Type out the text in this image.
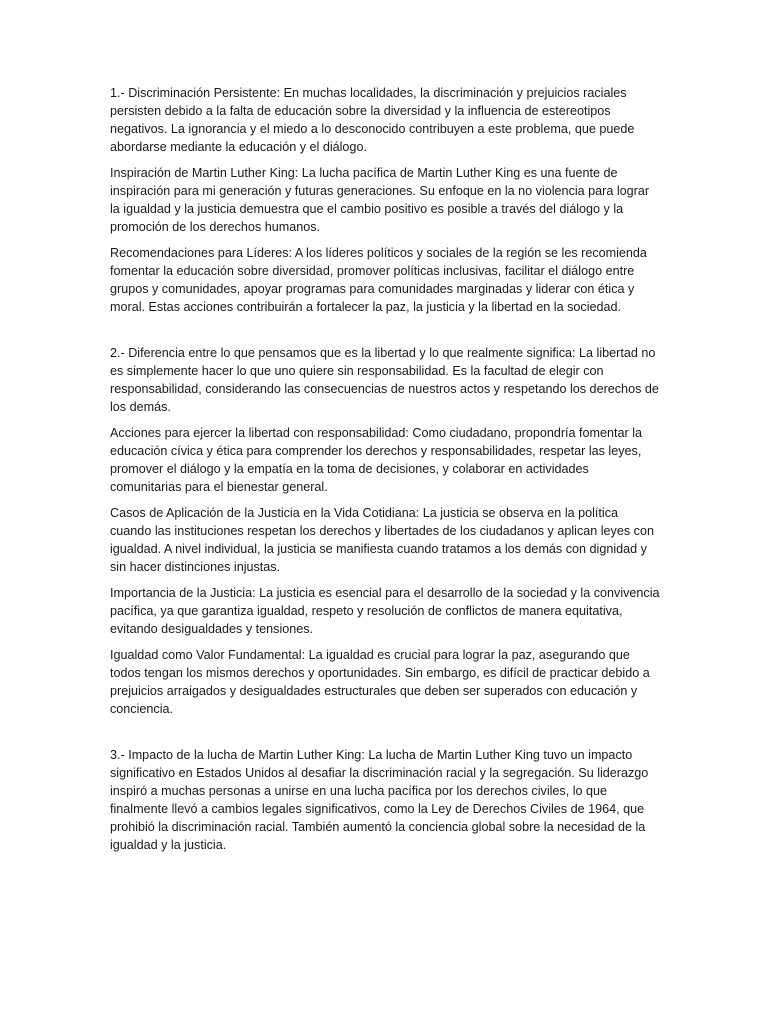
1.- Discriminación Persistente: En muchas localidades, la discriminación y prejuicios raciales persisten debido a la falta de educación sobre la diversidad y la influencia de estereotipos negativos. La ignorancia y el miedo a lo desconocido contribuyen a este problema, que puede abordarse mediante la educación y el diálogo.

Inspiración de Martin Luther King: La lucha pacífica de Martin Luther King es una fuente de inspiración para mi generación y futuras generaciones. Su enfoque en la no violencia para lograr la igualdad y la justicia demuestra que el cambio positivo es posible a través del diálogo y la promoción de los derechos humanos.

Recomendaciones para Líderes: A los líderes políticos y sociales de la región se les recomienda fomentar la educación sobre diversidad, promover políticas inclusivas, facilitar el diálogo entre grupos y comunidades, apoyar programas para comunidades marginadas y liderar con ética y moral. Estas acciones contribuirán a fortalecer la paz, la justicia y la libertad en la sociedad.

2.- Diferencia entre lo que pensamos que es la libertad y lo que realmente significa: La libertad no es simplemente hacer lo que uno quiere sin responsabilidad. Es la facultad de elegir con responsabilidad, considerando las consecuencias de nuestros actos y respetando los derechos de los demás.

Acciones para ejercer la libertad con responsabilidad: Como ciudadano, propondría fomentar la educación cívica y ética para comprender los derechos y responsabilidades, respetar las leyes, promover el diálogo y la empatía en la toma de decisiones, y colaborar en actividades comunitarias para el bienestar general.

Casos de Aplicación de la Justicia en la Vida Cotidiana: La justicia se observa en la política cuando las instituciones respetan los derechos y libertades de los ciudadanos y aplican leyes con igualdad. A nivel individual, la justicia se manifiesta cuando tratamos a los demás con dignidad y sin hacer distinciones injustas.

Importancia de la Justicia: La justicia es esencial para el desarrollo de la sociedad y la convivencia pacífica, ya que garantiza igualdad, respeto y resolución de conflictos de manera equitativa, evitando desigualdades y tensiones.

Igualdad como Valor Fundamental: La igualdad es crucial para lograr la paz, asegurando que todos tengan los mismos derechos y oportunidades. Sin embargo, es difícil de practicar debido a prejuicios arraigados y desigualdades estructurales que deben ser superados con educación y conciencia.

3.- Impacto de la lucha de Martin Luther King: La lucha de Martin Luther King tuvo un impacto significativo en Estados Unidos al desafiar la discriminación racial y la segregación. Su liderazgo inspiró a muchas personas a unirse en una lucha pacífica por los derechos civiles, lo que finalmente llevó a cambios legales significativos, como la Ley de Derechos Civiles de 1964, que prohibió la discriminación racial. También aumentó la conciencia global sobre la necesidad de la igualdad y la justicia.
